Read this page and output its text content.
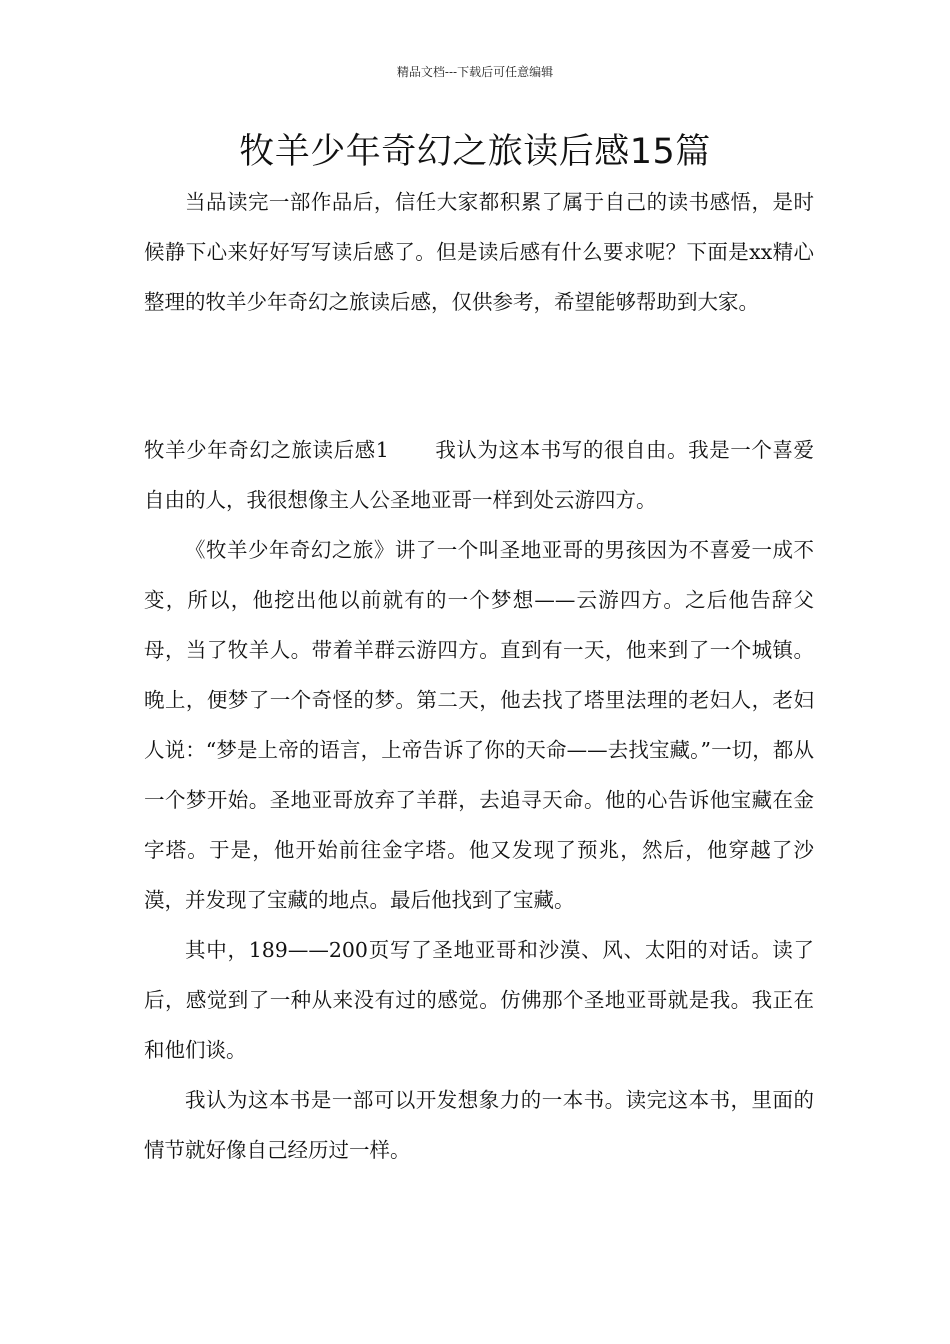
精品文档---下载后可任意编辑
牧羊少年奇幻之旅读后感15篇

当品读完一部作品后，信任大家都积累了属于自己的读书感悟，是时候静下心来好好写写读后感了。但是读后感有什么要求呢？下面是xx精心整理的牧羊少年奇幻之旅读后感，仅供参考，希望能够帮助到大家。

牧羊少年奇幻之旅读后感1 我认为这本书写的很自由。我是一个喜爱自由的人，我很想像主人公圣地亚哥一样到处云游四方。

《牧羊少年奇幻之旅》讲了一个叫圣地亚哥的男孩因为不喜爱一成不变，所以，他挖出他以前就有的一个梦想——云游四方。之后他告辞父母，当了牧羊人。带着羊群云游四方。直到有一天，他来到了一个城镇。晚上，便梦了一个奇怪的梦。第二天，他去找了塔里法理的老妇人，老妇人说：“梦是上帝的语言，上帝告诉了你的天命——去找宝藏。”一切，都从一个梦开始。圣地亚哥放弃了羊群，去追寻天命。他的心告诉他宝藏在金字塔。于是，他开始前往金字塔。他又发现了预兆，然后，他穿越了沙漠，并发现了宝藏的地点。最后他找到了宝藏。

其中，189——200页写了圣地亚哥和沙漠、风、太阳的对话。读了后，感觉到了一种从来没有过的感觉。仿佛那个圣地亚哥就是我。我正在和他们谈。

我认为这本书是一部可以开发想象力的一本书。读完这本书，里面的情节就好像自己经历过一样。
